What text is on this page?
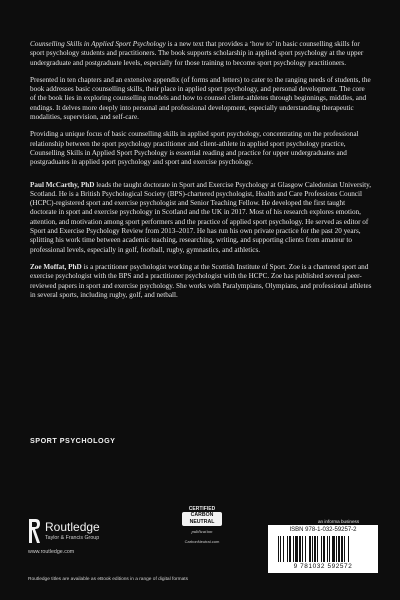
Counselling Skills in Applied Sport Psychology is a new text that provides a ‘how to’ in basic counselling skills for sport psychology students and practitioners. The book supports scholarship in applied sport psychology at the upper undergraduate and postgraduate levels, especially for those training to become sport psychology practitioners.

Presented in ten chapters and an extensive appendix (of forms and letters) to cater to the ranging needs of students, the book addresses basic counselling skills, their place in applied sport psychology, and personal development. The core of the book lies in exploring counselling models and how to counsel client-athletes through beginnings, middles, and endings. It delves more deeply into personal and professional development, especially understanding therapeutic modalities, supervision, and self-care.

Providing a unique focus of basic counselling skills in applied sport psychology, concentrating on the professional relationship between the sport psychology practitioner and client-athlete in applied sport psychology practice, Counselling Skills in Applied Sport Psychology is essential reading and practice for upper undergraduates and postgraduates in applied sport psychology and sport and exercise psychology.

Paul McCarthy, PhD leads the taught doctorate in Sport and Exercise Psychology at Glasgow Caledonian University, Scotland. He is a British Psychological Society (BPS)-chartered psychologist, Health and Care Professions Council (HCPC)-registered sport and exercise psychologist and Senior Teaching Fellow. He developed the first taught doctorate in sport and exercise psychology in Scotland and the UK in 2017. Most of his research explores emotion, attention, and motivation among sport performers and the practice of applied sport psychology. He served as editor of Sport and Exercise Psychology Review from 2013–2017. He has run his own private practice for the past 20 years, splitting his work time between academic teaching, researching, writing, and supporting clients from amateur to professional levels, especially in golf, football, rugby, gymnastics, and athletics.

Zoe Moffat, PhD is a practitioner psychologist working at the Scottish Institute of Sport. Zoe is a chartered sport and exercise psychologist with the BPS and a practitioner psychologist with the HCPC. Zoe has published several peer-reviewed papers in sport and exercise psychology. She works with Paralympians, Olympians, and professional athletes in several sports, including rugby, golf, and netball.

SPORT PSYCHOLOGY
Routledge
Taylor & Francis Group
www.routledge.com
CERTIFIED
CARBON
NEUTRAL
publication
CarbonNeutral.com
an informa business
ISBN 978-1-032-59257-2
9 781032 592572
Routledge titles are available as eBook editions in a range of digital formats
